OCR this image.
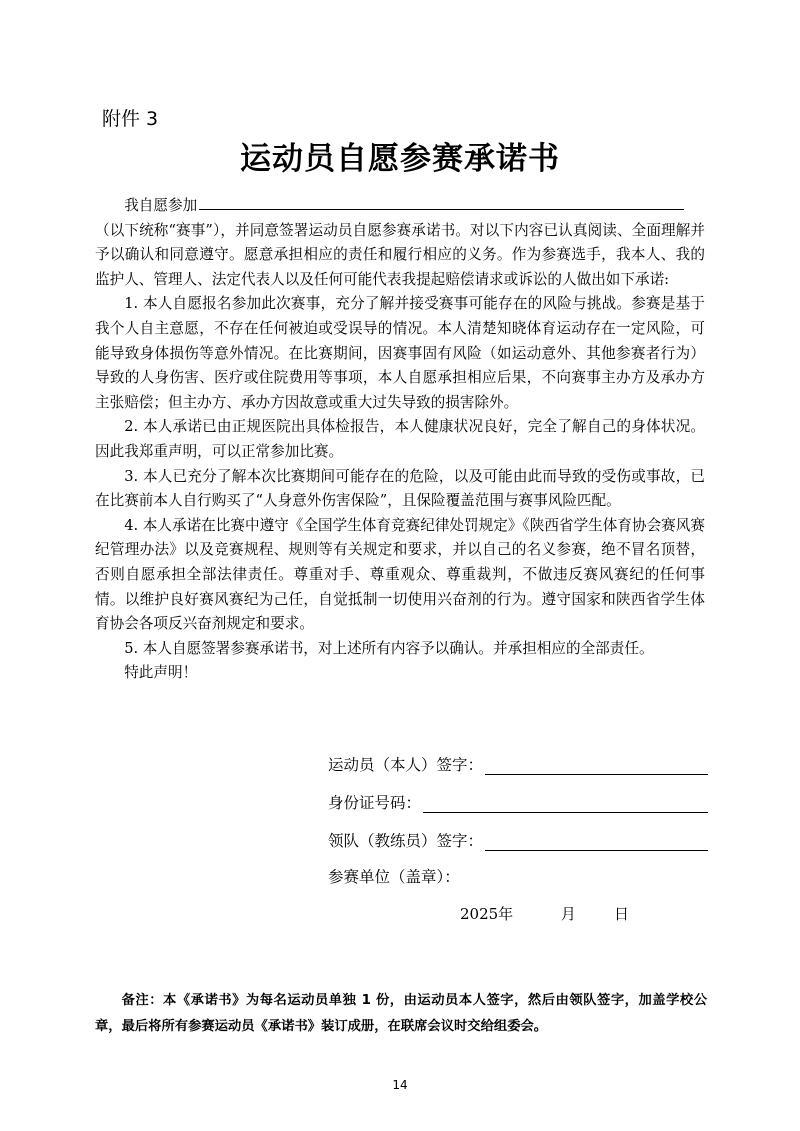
附件 3
运动员自愿参赛承诺书

我自愿参加

（以下统称“赛事”），并同意签署运动员自愿参赛承诺书。对以下内容已认真阅读、全面理解并予以确认和同意遵守。愿意承担相应的责任和履行相应的义务。作为参赛选手，我本人、我的监护人、管理人、法定代表人以及任何可能代表我提起赔偿请求或诉讼的人做出如下承诺:

1. 本人自愿报名参加此次赛事，充分了解并接受赛事可能存在的风险与挑战。参赛是基于我个人自主意愿，不存在任何被迫或受误导的情况。本人清楚知晓体育运动存在一定风险，可能导致身体损伤等意外情况。在比赛期间，因赛事固有风险（如运动意外、其他参赛者行为）导致的人身伤害、医疗或住院费用等事项，本人自愿承担相应后果，不向赛事主办方及承办方主张赔偿；但主办方、承办方因故意或重大过失导致的损害除外。

2. 本人承诺已由正规医院出具体检报告，本人健康状况良好，完全了解自己的身体状况。因此我郑重声明，可以正常参加比赛。

3. 本人已充分了解本次比赛期间可能存在的危险，以及可能由此而导致的受伤或事故，已在比赛前本人自行购买了“人身意外伤害保险”，且保险覆盖范围与赛事风险匹配。

4. 本人承诺在比赛中遵守《全国学生体育竞赛纪律处罚规定》《陕西省学生体育协会赛风赛纪管理办法》以及竞赛规程、规则等有关规定和要求，并以自己的名义参赛，绝不冒名顶替，否则自愿承担全部法律责任。尊重对手、尊重观众、尊重裁判，不做违反赛风赛纪的任何事情。以维护良好赛风赛纪为己任，自觉抵制一切使用兴奋剂的行为。遵守国家和陕西省学生体育协会各项反兴奋剂规定和要求。

5. 本人自愿签署参赛承诺书，对上述所有内容予以确认。并承担相应的全部责任。

特此声明！

运动员（本人）签字：
身份证号码：
领队（教练员）签字：
参赛单位（盖章）：
2025年	月	日
备注：本《承诺书》为每名运动员单独 1 份，由运动员本人签字，然后由领队签字，加盖学校公章，最后将所有参赛运动员《承诺书》装订成册，在联席会议时交给组委会。
14
